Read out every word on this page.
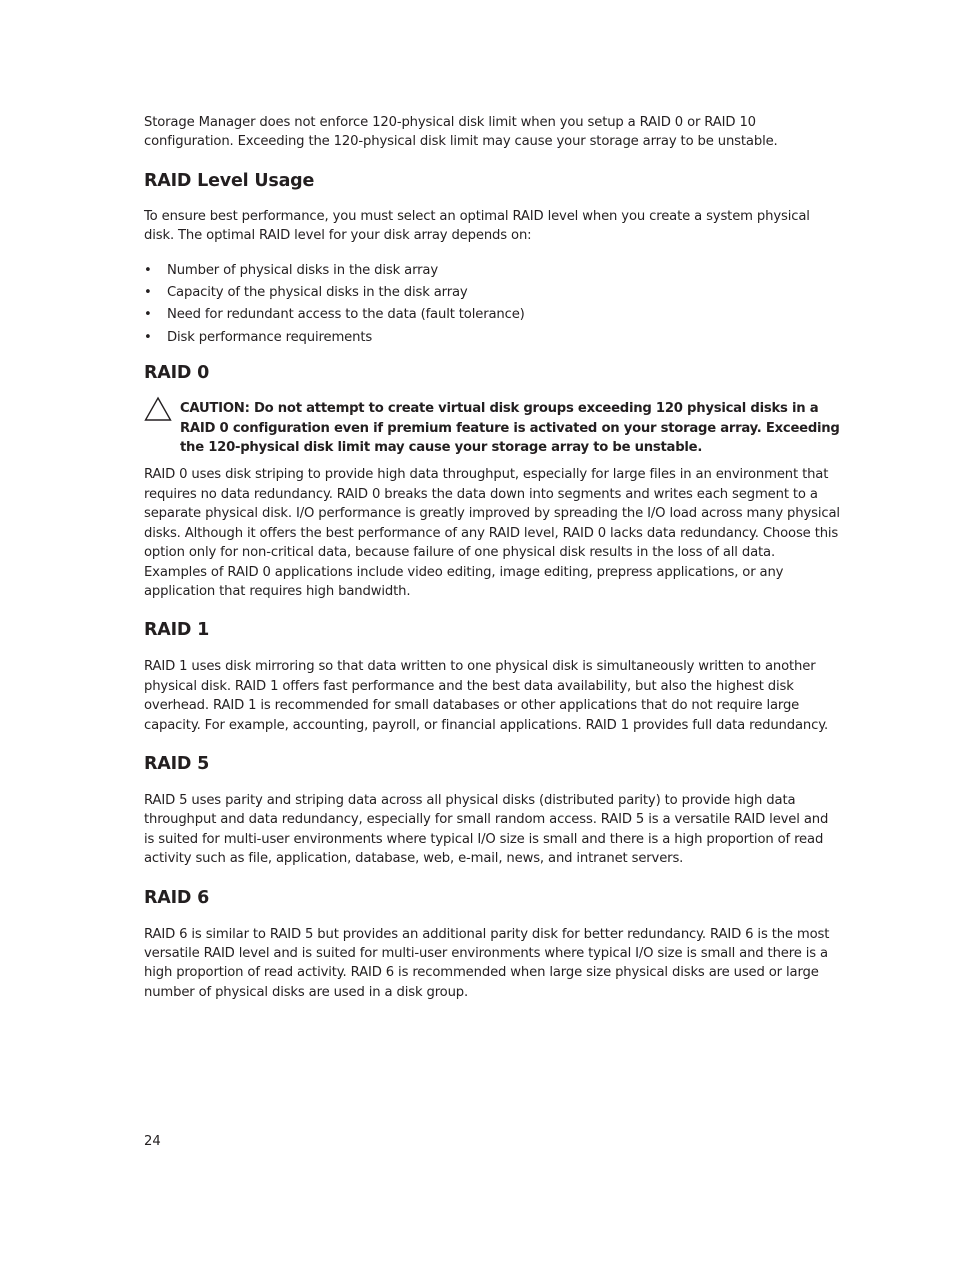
Storage Manager does not enforce 120-physical disk limit when you setup a RAID 0 or RAID 10 configuration. Exceeding the 120-physical disk limit may cause your storage array to be unstable.

RAID Level Usage

To ensure best performance, you must select an optimal RAID level when you create a system physical disk. The optimal RAID level for your disk array depends on:

• Number of physical disks in the disk array
• Capacity of the physical disks in the disk array
• Need for redundant access to the data (fault tolerance)
• Disk performance requirements
RAID 0

CAUTION: Do not attempt to create virtual disk groups exceeding 120 physical disks in a RAID 0 configuration even if premium feature is activated on your storage array. Exceeding the 120-physical disk limit may cause your storage array to be unstable.

RAID 0 uses disk striping to provide high data throughput, especially for large files in an environment that requires no data redundancy. RAID 0 breaks the data down into segments and writes each segment to a separate physical disk. I/O performance is greatly improved by spreading the I/O load across many physical disks. Although it offers the best performance of any RAID level, RAID 0 lacks data redundancy. Choose this option only for non-critical data, because failure of one physical disk results in the loss of all data. Examples of RAID 0 applications include video editing, image editing, prepress applications, or any application that requires high bandwidth.

RAID 1

RAID 1 uses disk mirroring so that data written to one physical disk is simultaneously written to another physical disk. RAID 1 offers fast performance and the best data availability, but also the highest disk overhead. RAID 1 is recommended for small databases or other applications that do not require large capacity. For example, accounting, payroll, or financial applications. RAID 1 provides full data redundancy.

RAID 5

RAID 5 uses parity and striping data across all physical disks (distributed parity) to provide high data throughput and data redundancy, especially for small random access. RAID 5 is a versatile RAID level and is suited for multi-user environments where typical I/O size is small and there is a high proportion of read activity such as file, application, database, web, e-mail, news, and intranet servers.

RAID 6

RAID 6 is similar to RAID 5 but provides an additional parity disk for better redundancy. RAID 6 is the most versatile RAID level and is suited for multi-user environments where typical I/O size is small and there is a high proportion of read activity. RAID 6 is recommended when large size physical disks are used or large number of physical disks are used in a disk group.

24
